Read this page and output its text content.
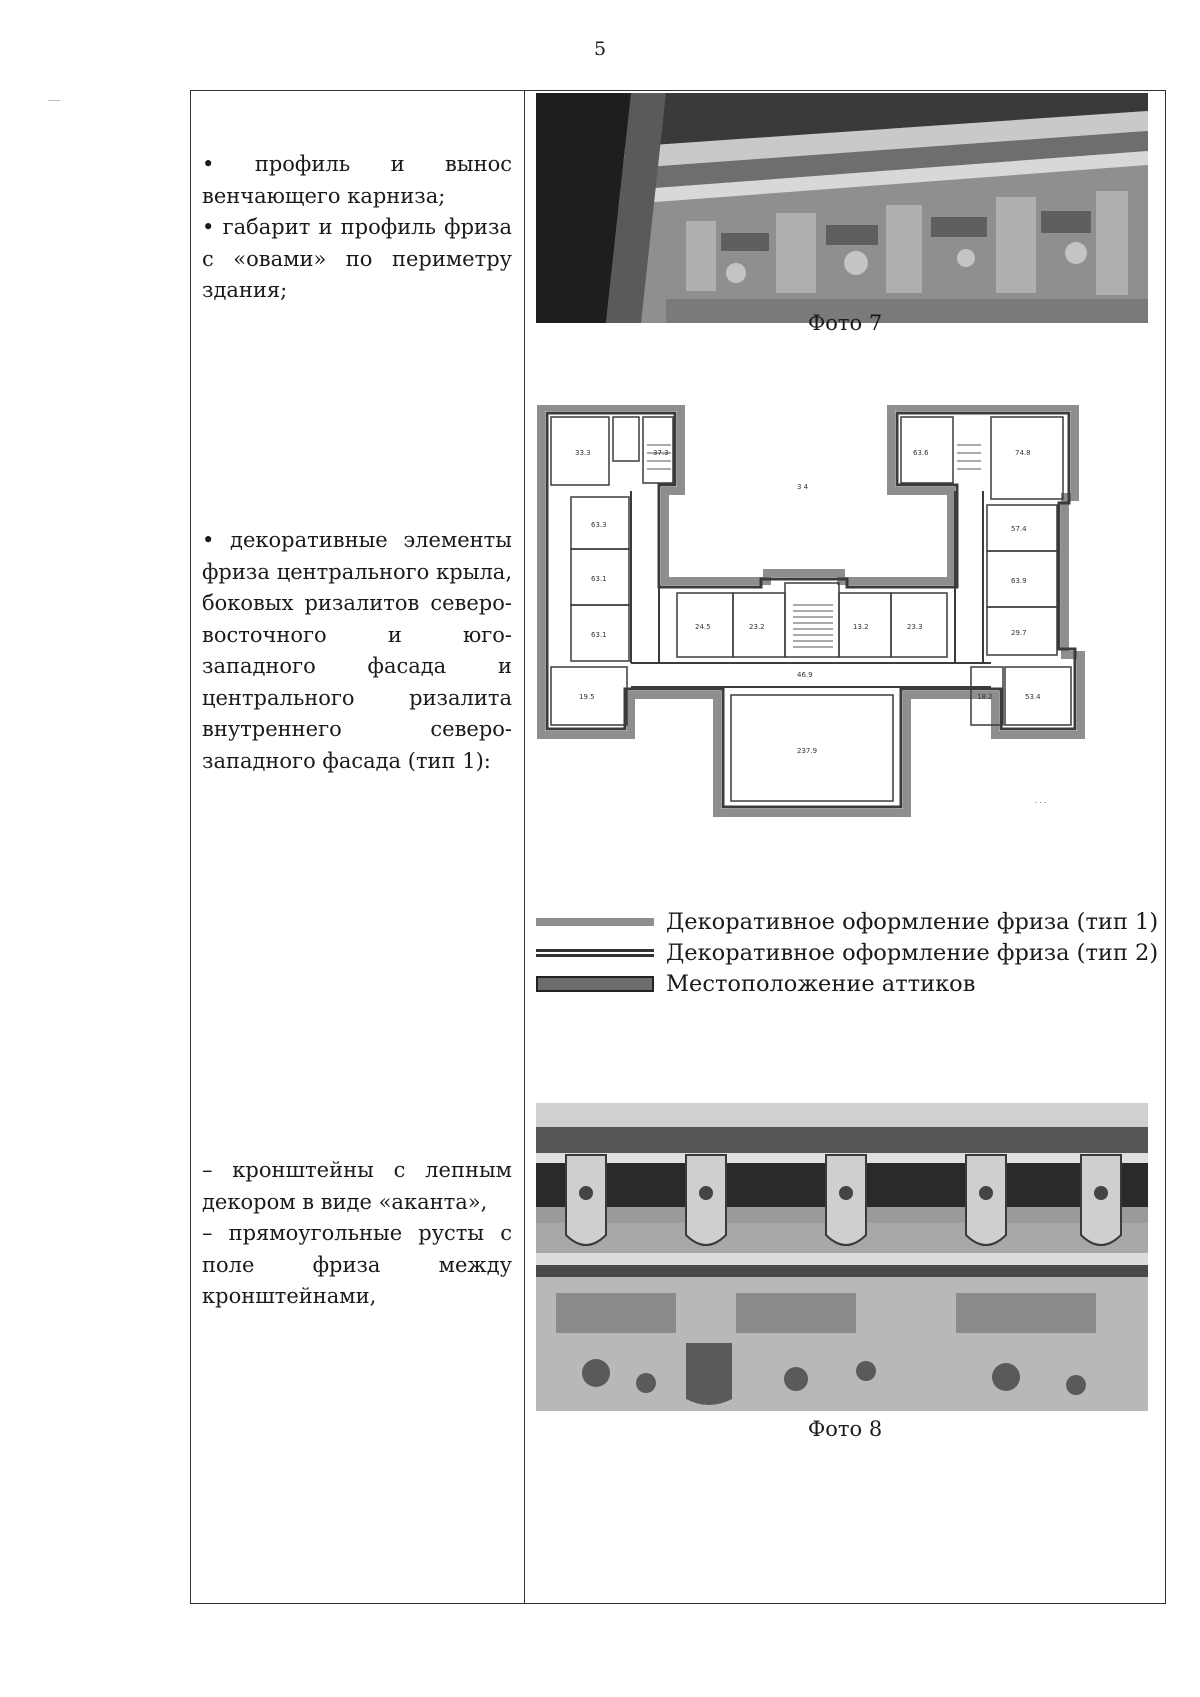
5
• профиль и вынос венчающего карниза;
• габарит и профиль фриза с «овами» по периметру здания;
• декоративные элементы фриза центрального крыла, боковых ризалитов северо-восточного и юго-западного фасада и центрального ризалита внутреннего северо-западного фасада (тип 1):
– кронштейны с лепным декором в виде «аканта»,
– прямоугольные русты с поле фриза между кронштейнами,

Фото 7
33.3
63.3
63.1
63.1
19.5
24.5	23.2	13.2	23.3
57.4
63.9
29.7
53.4
74.8
37.3	63.6
46.9
237.9
18.2
3 4
· · ·
Декоративное оформление фриза (тип 1)
Декоративное оформление фриза (тип 2)
Местоположение аттиков
Фото 8
